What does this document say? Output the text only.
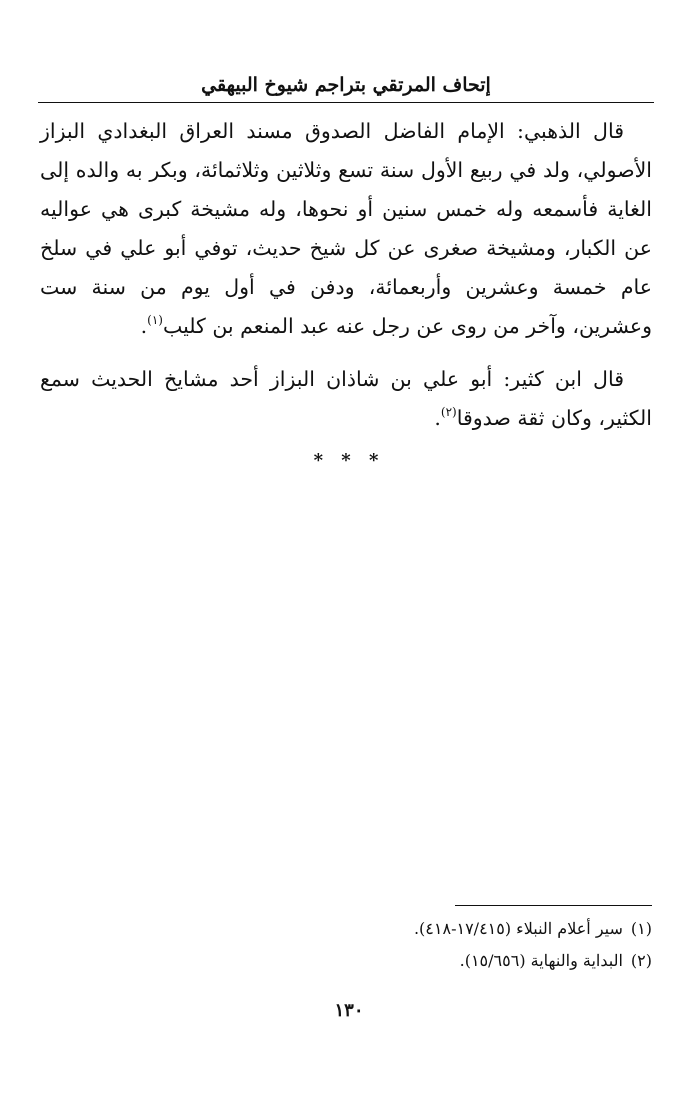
إتحاف المرتقي بتراجم شيوخ البيهقي

قال الذهبي: الإمام الفاضل الصدوق مسند العراق البغدادي البزاز الأصولي، ولد في ربيع الأول سنة تسع وثلاثين وثلاثمائة، وبكر به والده إلى الغاية فأسمعه وله خمس سنين أو نحوها، وله مشيخة كبرى هي عواليه عن الكبار، ومشيخة صغرى عن كل شيخ حديث، توفي أبو علي في سلخ عام خمسة وعشرين وأربعمائة، ودفن في أول يوم من سنة ست وعشرين، وآخر من روى عن رجل عنه عبد المنعم بن كليب$^{(١)}$.

قال ابن كثير: أبو علي بن شاذان البزاز أحد مشايخ الحديث سمع الكثير، وكان ثقة صدوقا$^{(٢)}$.

* * *
(١)سير أعلام النبلاء (١٧/٤١٥-٤١٨).
(٢)البداية والنهاية (١٥/٦٥٦).
١٣٠
